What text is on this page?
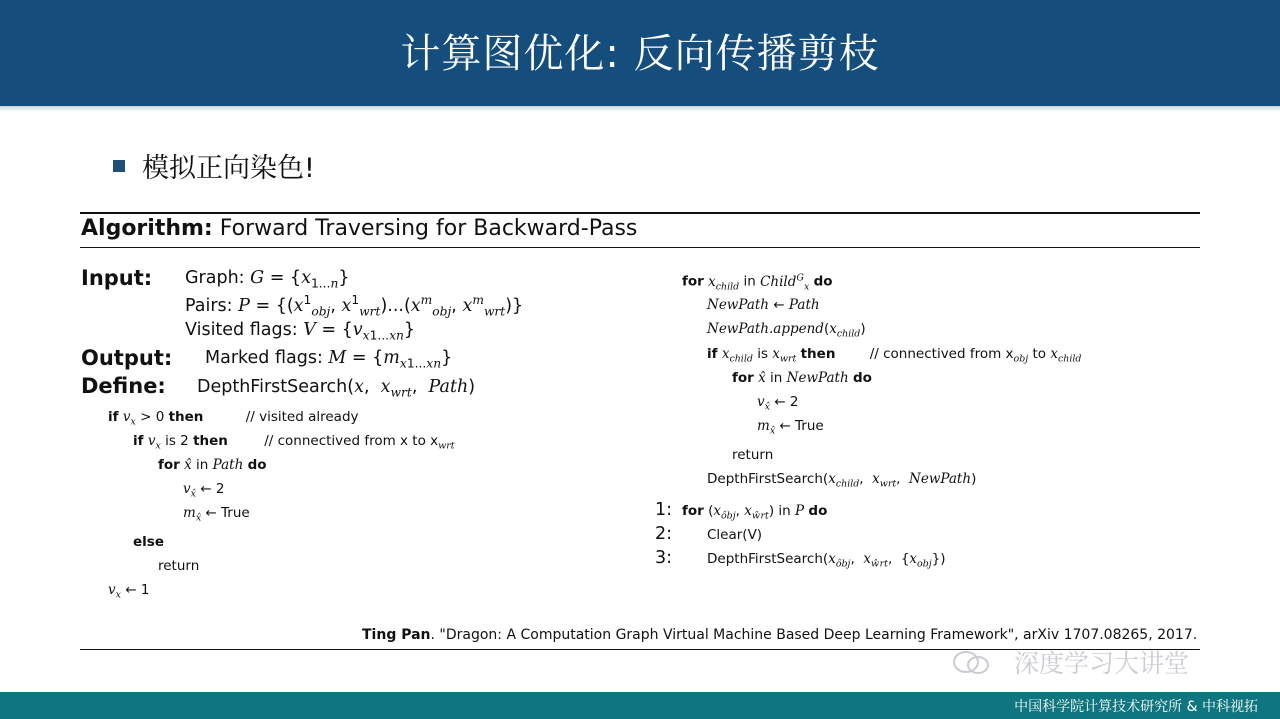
计算图优化: 反向传播剪枝
模拟正向染色!
Algorithm: Forward Traversing for Backward-Pass
Input: Graph: $G = \{x_{1...n}\}$
Pairs: $P = \{(x^1_{obj}$, $x^1_{wrt})...(x^m_{obj}$, $x^m_{wrt}$)}
Visited flags: $V = \{v_{x1...xn}\}$
Output: Marked flags: $M = \{m_{x1...xn}\}$
Define: DepthFirstSearch(x,  $x_{wrt}$,  Path)
if $v_x > 0$ then	// visited already
if $v_x$ is 2 then	// connectived from x to $x_{wrt}$
for x̂ in Path do
$v_{x̂}$ ← 2
$m_{x̂}$ ← True
else
return
$v_x$ ← 1
for $x_{child}$ in Child$^G_x$ do
NewPath ← Path
$NewPath.append(x_{child})$
if $x_{child}$ is $x_{wrt}$ then	// connectived from $x_{obj}$ to $x_{child}$
for x̂ in NewPath do
$v_{x̂}$ ← 2
$m_{x̂}$ ← True
return
$DepthFirstSearch(x_{child}$,  $x_{wrt}$,  NewPath)
1: for ($x_{ôbj}$, $x_{ŵrt}$) in P do
2:	Clear(V)
3:	$DepthFirstSearch(x_{ôbj}$,  $x_{ŵrt}$,  $\{x_{obj}\}$)
Ting Pan. "Dragon: A Computation Graph Virtual Machine Based Deep Learning Framework", arXiv 1707.08265, 2017.
深度学习大讲堂
中国科学院计算技术研究所 & 中科视拓
